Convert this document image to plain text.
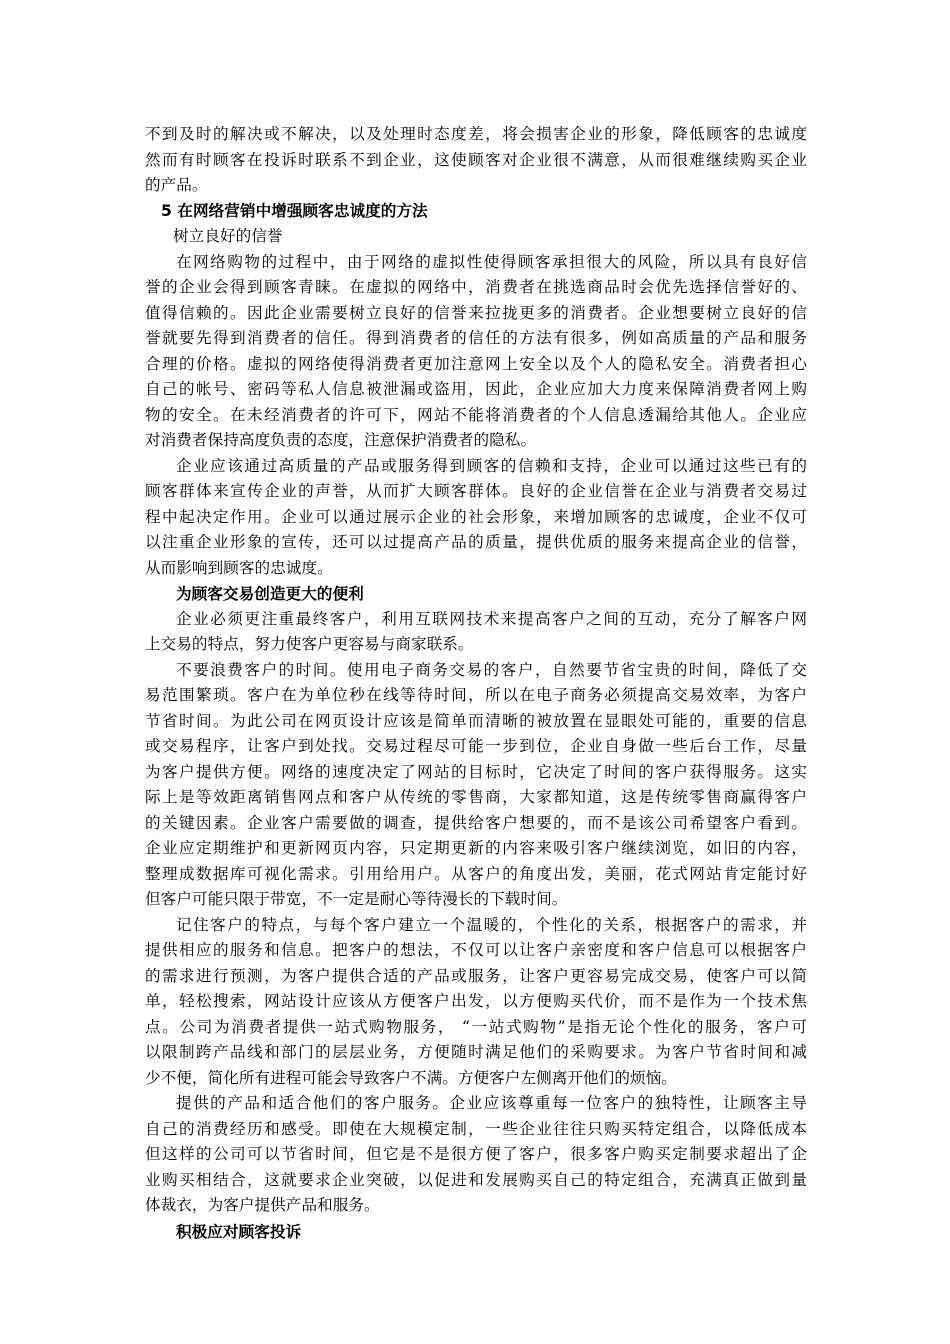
不到及时的解决或不解决，以及处理时态度差，将会损害企业的形象，降低顾客的忠诚度
然而有时顾客在投诉时联系不到企业，这使顾客对企业很不满意，从而很难继续购买企业
的产品。
5 在网络营销中增强顾客忠诚度的方法
树立良好的信誉
在网络购物的过程中，由于网络的虚拟性使得顾客承担很大的风险，所以具有良好信
誉的企业会得到顾客青睐。在虚拟的网络中，消费者在挑选商品时会优先选择信誉好的、
值得信赖的。因此企业需要树立良好的信誉来拉拢更多的消费者。企业想要树立良好的信
誉就要先得到消费者的信任。得到消费者的信任的方法有很多，例如高质量的产品和服务
合理的价格。虚拟的网络使得消费者更加注意网上安全以及个人的隐私安全。消费者担心
自己的帐号、密码等私人信息被泄漏或盗用，因此，企业应加大力度来保障消费者网上购
物的安全。在未经消费者的许可下，网站不能将消费者的个人信息透漏给其他人。企业应
对消费者保持高度负责的态度，注意保护消费者的隐私。
企业应该通过高质量的产品或服务得到顾客的信赖和支持，企业可以通过这些已有的
顾客群体来宣传企业的声誉，从而扩大顾客群体。良好的企业信誉在企业与消费者交易过
程中起决定作用。企业可以通过展示企业的社会形象，来增加顾客的忠诚度，企业不仅可
以注重企业形象的宣传，还可以过提高产品的质量，提供优质的服务来提高企业的信誉，
从而影响到顾客的忠诚度。
为顾客交易创造更大的便利
企业必须更注重最终客户，利用互联网技术来提高客户之间的互动，充分了解客户网
上交易的特点，努力使客户更容易与商家联系。
不要浪费客户的时间。使用电子商务交易的客户，自然要节省宝贵的时间，降低了交
易范围繁琐。客户在为单位秒在线等待时间，所以在电子商务必须提高交易效率，为客户
节省时间。为此公司在网页设计应该是简单而清晰的被放置在显眼处可能的，重要的信息
或交易程序，让客户到处找。交易过程尽可能一步到位，企业自身做一些后台工作，尽量
为客户提供方便。网络的速度决定了网站的目标时，它决定了时间的客户获得服务。这实
际上是等效距离销售网点和客户从传统的零售商，大家都知道，这是传统零售商赢得客户
的关键因素。企业客户需要做的调查，提供给客户想要的，而不是该公司希望客户看到。
企业应定期维护和更新网页内容，只定期更新的内容来吸引客户继续浏览，如旧的内容，
整理成数据库可视化需求。引用给用户。从客户的角度出发，美丽，花式网站肯定能讨好
但客户可能只限于带宽，不一定是耐心等待漫长的下载时间。
记住客户的特点，与每个客户建立一个温暖的，个性化的关系，根据客户的需求，并
提供相应的服务和信息。把客户的想法，不仅可以让客户亲密度和客户信息可以根据客户
的需求进行预测，为客户提供合适的产品或服务，让客户更容易完成交易，使客户可以简
单，轻松搜索，网站设计应该从方便客户出发，以方便购买代价，而不是作为一个技术焦
点。公司为消费者提供一站式购物服务， “一站式购物”是指无论个性化的服务，客户可
以限制跨产品线和部门的层层业务，方便随时满足他们的采购要求。为客户节省时间和减
少不便，简化所有进程可能会导致客户不满。方便客户左侧离开他们的烦恼。
提供的产品和适合他们的客户服务。企业应该尊重每一位客户的独特性，让顾客主导
自己的消费经历和感受。即使在大规模定制，一些企业往往只购买特定组合，以降低成本
但这样的公司可以节省时间，但它是不是很方便了客户，很多客户购买定制要求超出了企
业购买相结合，这就要求企业突破，以促进和发展购买自己的特定组合，充满真正做到量
体裁衣，为客户提供产品和服务。
积极应对顾客投诉
